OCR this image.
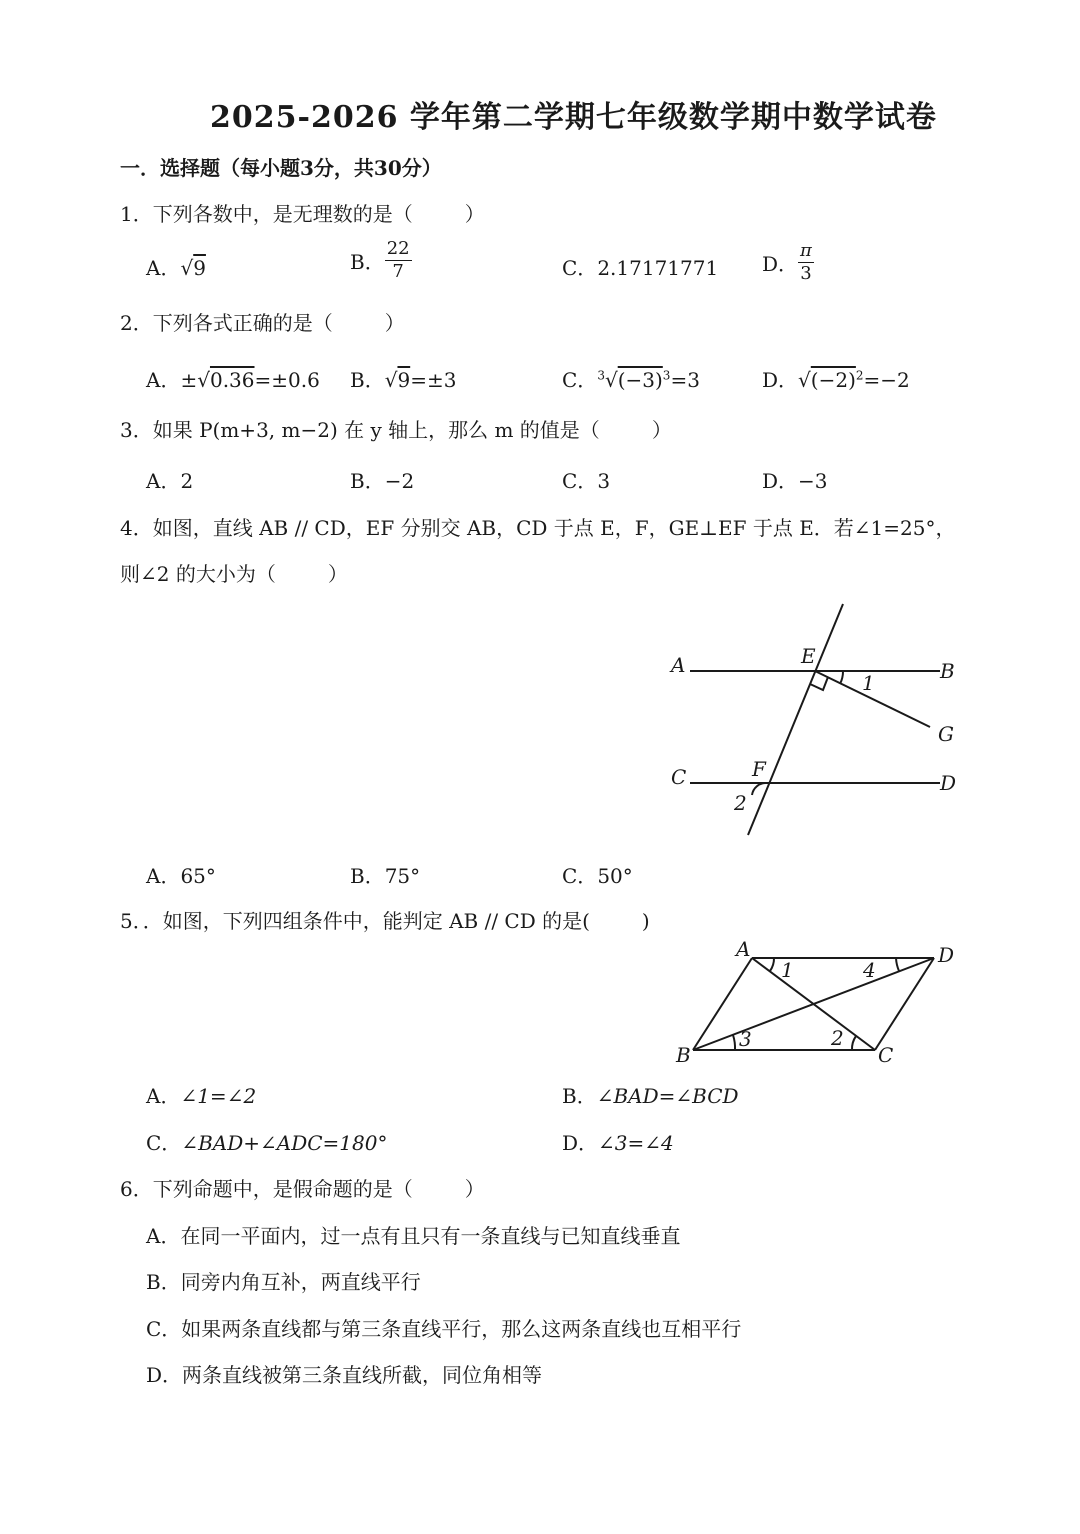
2025-2026 学年第二学期七年级数学期中数学试卷
一．选择题（每小题3分，共30分）
1．下列各数中，是无理数的是（	）
A．√9	B． $\frac{22}{7}$	C．2.17171771 D． $\frac{\pi}{3}$
2．下列各式正确的是（	）
A．±√0.36=±0.6 B．√9=±3	C．$^3√(-3)^3=3$	D．$√(-2)^2=-2$
3．如果 P(m+3, m−2) 在 y 轴上，那么 m 的值是（	）
A．2	B．−2	C．3	D．−3
4．如图，直线 AB // CD，EF 分别交 AB，CD 于点 E，F，GE⊥EF 于点 E．若∠1=25°，
则∠2 的大小为（	）
A	B
C	D
E
F
G
1
2
A．65°	B．75°	C．50°
5．．如图，下列四组条件中，能判定 AB // CD 的是(	)
A	D
B	C
1	4
3	2
A．∠1=∠2	B．∠BAD=∠BCD
C．∠BAD+∠ADC=180°	D．∠3=∠4
6．下列命题中，是假命题的是（	）
A．在同一平面内，过一点有且只有一条直线与已知直线垂直
B．同旁内角互补，两直线平行
C．如果两条直线都与第三条直线平行，那么这两条直线也互相平行
D．两条直线被第三条直线所截，同位角相等
